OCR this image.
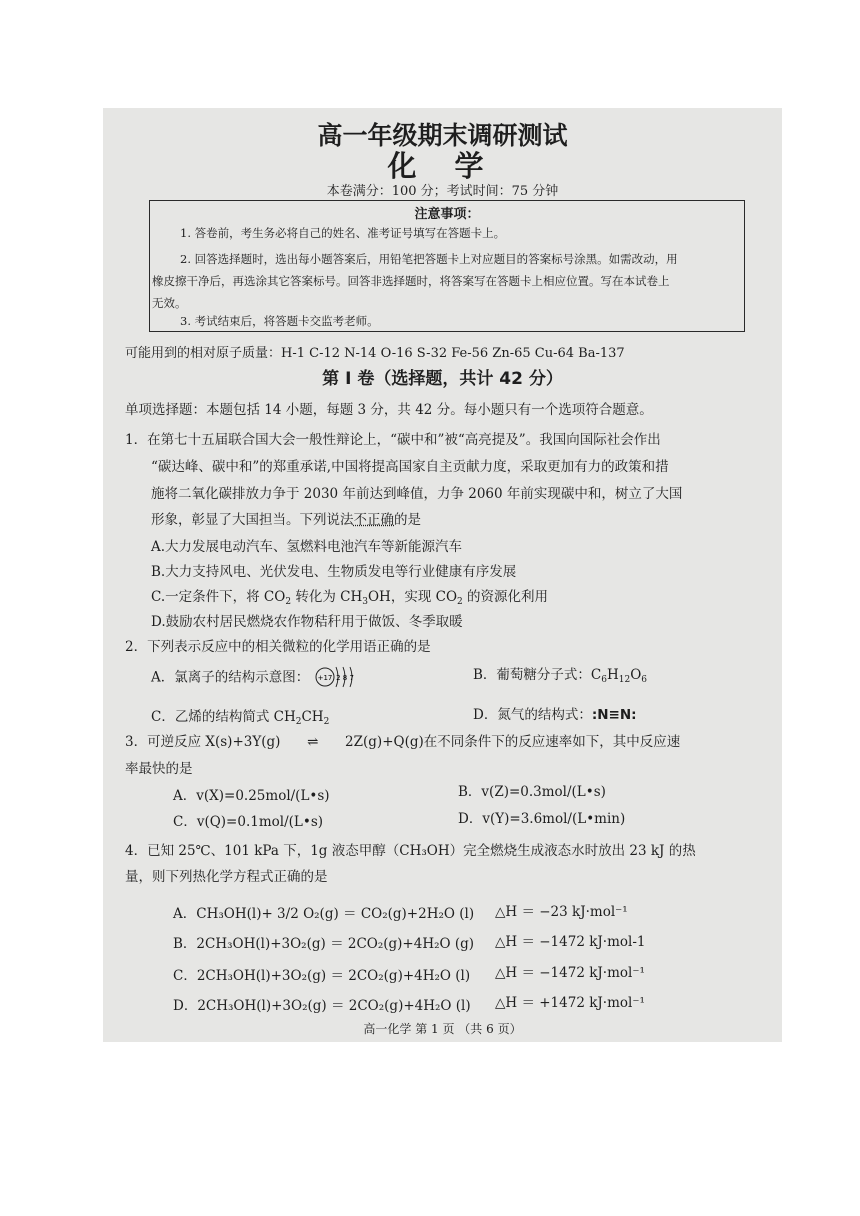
高一年级期末调研测试
化 学
本卷满分：100 分；考试时间：75 分钟
注意事项：
1. 答卷前，考生务必将自己的姓名、准考证号填写在答题卡上。
2. 回答选择题时，选出每小题答案后，用铅笔把答题卡上对应题目的答案标号涂黑。如需改动，用
橡皮擦干净后，再选涂其它答案标号。回答非选择题时，将答案写在答题卡上相应位置。写在本试卷上
无效。
3. 考试结束后，将答题卡交监考老师。
可能用到的相对原子质量：H-1 C-12 N-14 O-16 S-32 Fe-56 Zn-65 Cu-64 Ba-137
第 I 卷（选择题，共计 42 分）
单项选择题：本题包括 14 小题，每题 3 分，共 42 分。每小题只有一个选项符合题意。
1．在第七十五届联合国大会一般性辩论上，“碳中和”被“高亮提及”。我国向国际社会作出
“碳达峰、碳中和”的郑重承诺,中国将提高国家自主贡献力度，采取更加有力的政策和措
施将二氧化碳排放力争于 2030 年前达到峰值，力争 2060 年前实现碳中和，树立了大国
形象，彰显了大国担当。下列说法不正确的是
A.大力发展电动汽车、氢燃料电池汽车等新能源汽车
B.大力支持风电、光伏发电、生物质发电等行业健康有序发展
C.一定条件下，将 $CO_2$ 转化为 $CH_3OH$，实现 $CO_2$ 的资源化利用
D.鼓励农村居民燃烧农作物秸秆用于做饭、冬季取暖
2．下列表示反应中的相关微粒的化学用语正确的是
A．氯离子的结构示意图： +17 2 8 7	B．葡萄糖分子式：$C_6H_{12}O_6$
C．乙烯的结构简式 $CH_2CH_2$	D．氮气的结构式：:N≡N:
3．可逆反应 X(s)+3Y(g) ⇌ 2Z(g)+Q(g)在不同条件下的反应速率如下，其中反应速
率最快的是
A．v(X)=0.25mol/(L•s)	B．v(Z)=0.3mol/(L•s)
C．v(Q)=0.1mol/(L•s)	D．v(Y)=3.6mol/(L•min)
4．已知 25℃、101 kPa 下，1g 液态甲醇（CH₃OH）完全燃烧生成液态水时放出 23 kJ 的热
量，则下列热化学方程式正确的是
A．CH₃OH(l)+ 3/2 O₂(g) ＝ CO₂(g)+2H₂O (l) △H ＝ −23 kJ·mol⁻¹
B．2CH₃OH(l)+3O₂(g) ＝ 2CO₂(g)+4H₂O (g) △H ＝ −1472 kJ·mol-1
C．2CH₃OH(l)+3O₂(g) ＝ 2CO₂(g)+4H₂O (l) △H ＝ −1472 kJ·mol⁻¹
D．2CH₃OH(l)+3O₂(g) ＝ 2CO₂(g)+4H₂O (l) △H ＝ +1472 kJ·mol⁻¹
高一化学 第 1 页 （共 6 页）
